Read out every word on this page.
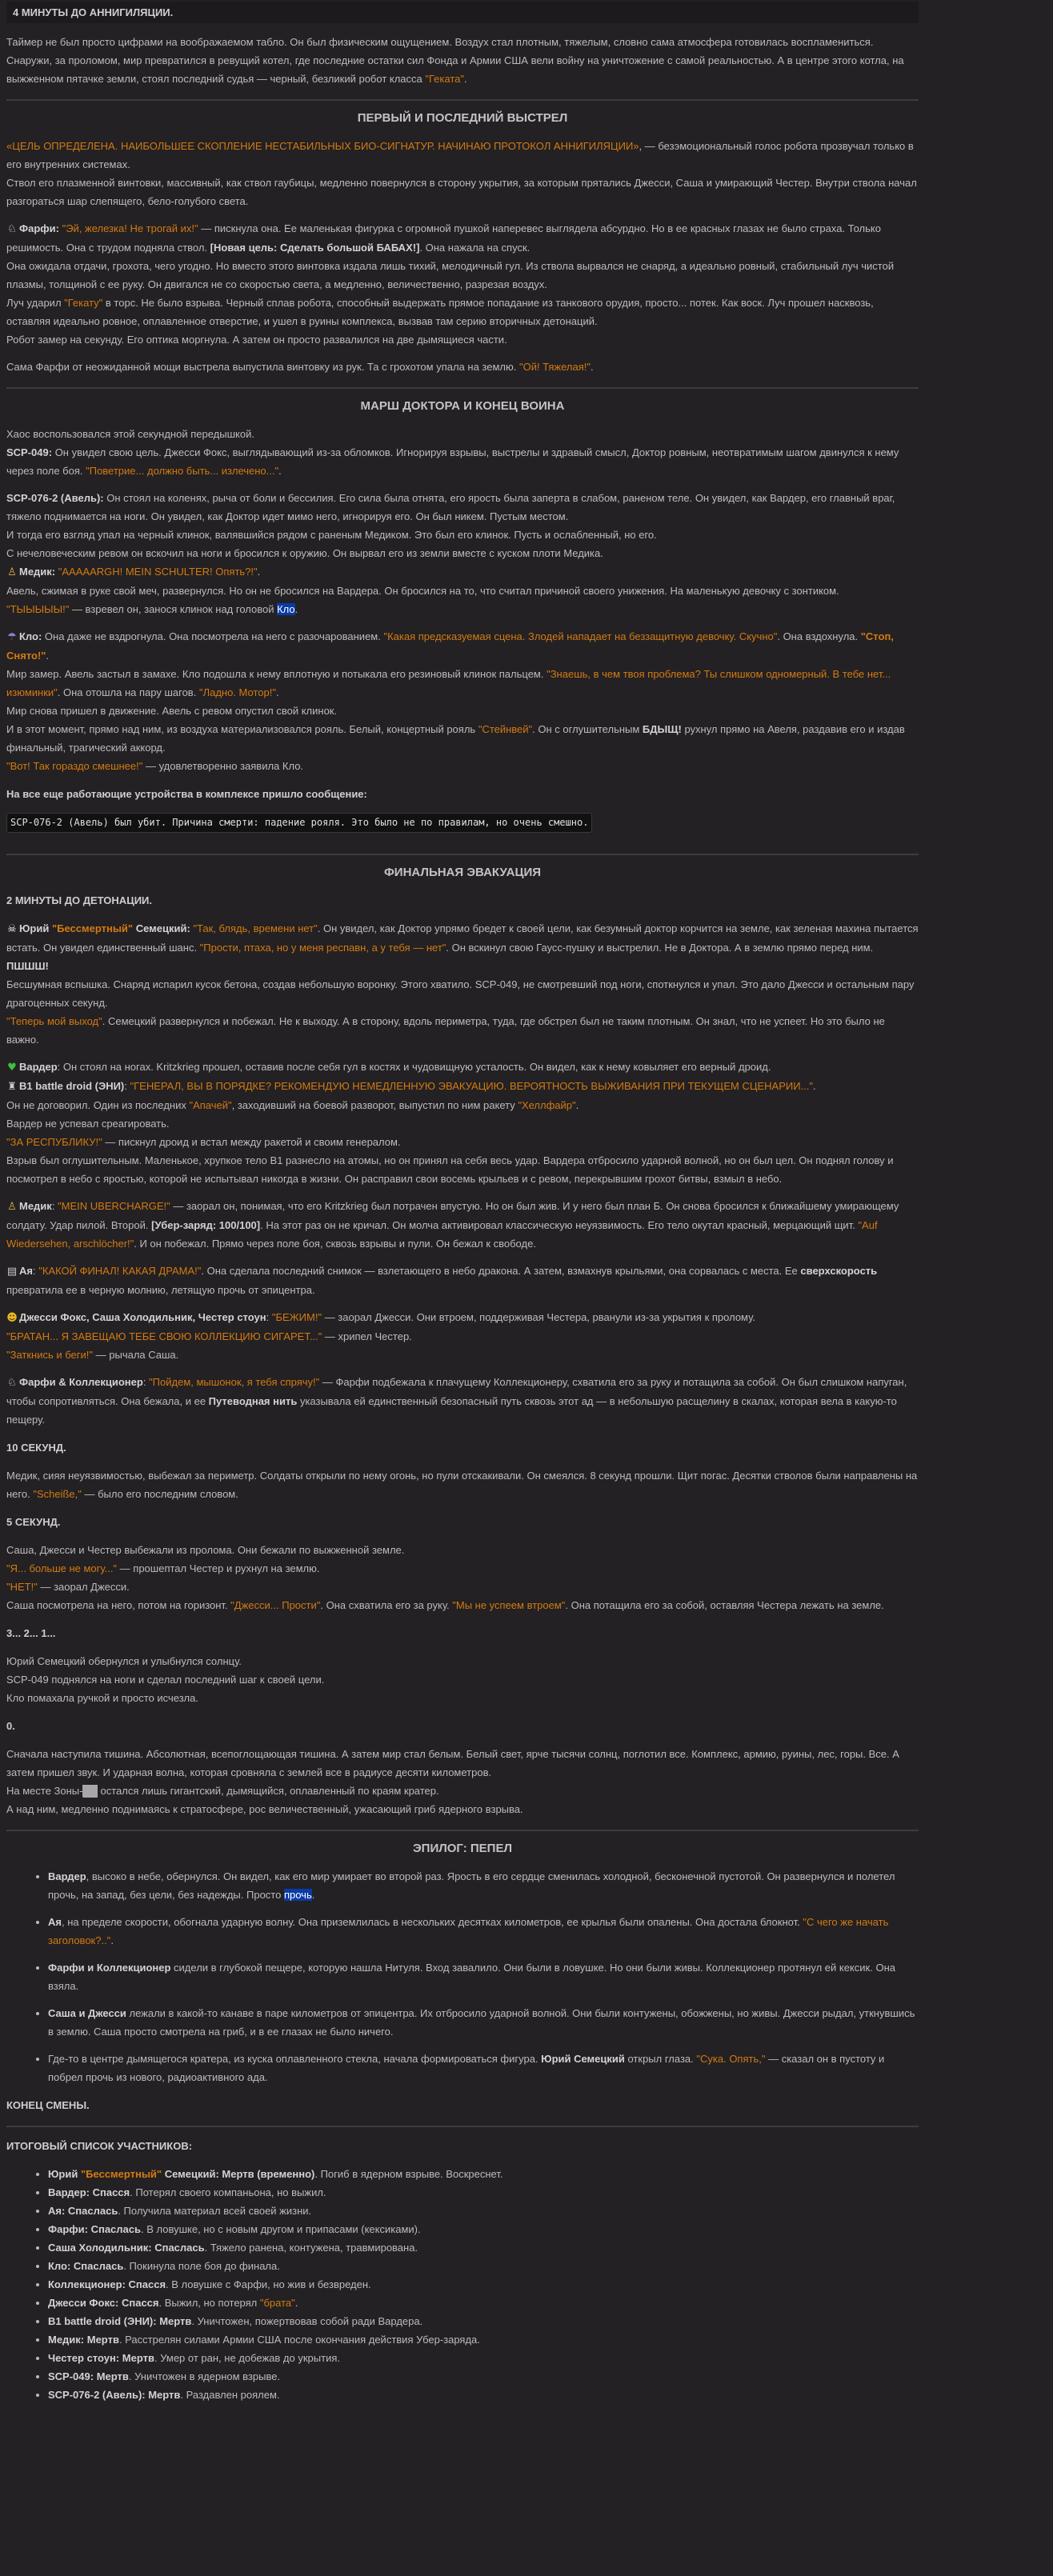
4 МИНУТЫ ДО АННИГИЛЯЦИИ.
Таймер не был просто цифрами на воображаемом табло. Он был физическим ощущением. Воздух стал плотным, тяжелым, словно сама атмосфера готовилась воспламениться. Снаружи, за проломом, мир превратился в ревущий котел, где последние остатки сил Фонда и Армии США вели войну на уничтожение с самой реальностью. А в центре этого котла, на выжженном пятачке земли, стоял последний судья — черный, безликий робот класса "Геката".
ПЕРВЫЙ И ПОСЛЕДНИЙ ВЫСТРЕЛ
«ЦЕЛЬ ОПРЕДЕЛЕНА. НАИБОЛЬШЕЕ СКОПЛЕНИЕ НЕСТАБИЛЬНЫХ БИО-СИГНАТУР. НАЧИНАЮ ПРОТОКОЛ АННИГИЛЯЦИИ», — безэмоциональный голос робота прозвучал только в его внутренних системах.
Ствол его плазменной винтовки, массивный, как ствол гаубицы, медленно повернулся в сторону укрытия, за которым прятались Джесси, Саша и умирающий Честер. Внутри ствола начал разгораться шар слепящего, бело-голубого света.
♘ Фарфи: "Эй, железка! Не трогай их!" — пискнула она. Ее маленькая фигурка с огромной пушкой наперевес выглядела абсурдно. Но в ее красных глазах не было страха. Только решимость. Она с трудом подняла ствол. [Новая цель: Сделать большой БАБАХ!]. Она нажала на спуск.
Она ожидала отдачи, грохота, чего угодно. Но вместо этого винтовка издала лишь тихий, мелодичный гул. Из ствола вырвался не снаряд, а идеально ровный, стабильный луч чистой плазмы, толщиной с ее руку. Он двигался не со скоростью света, а медленно, величественно, разрезая воздух.
Луч ударил "Гекату" в торс. Не было взрыва. Черный сплав робота, способный выдержать прямое попадание из танкового орудия, просто... потек. Как воск. Луч прошел насквозь, оставляя идеально ровное, оплавленное отверстие, и ушел в руины комплекса, вызвав там серию вторичных детонаций.
Робот замер на секунду. Его оптика моргнула. А затем он просто развалился на две дымящиеся части.
Сама Фарфи от неожиданной мощи выстрела выпустила винтовку из рук. Та с грохотом упала на землю. "Ой! Тяжелая!".
МАРШ ДОКТОРА И КОНЕЦ ВОИНА
Хаос воспользовался этой секундной передышкой.
SCP-049: Он увидел свою цель. Джесси Фокс, выглядывающий из-за обломков. Игнорируя взрывы, выстрелы и здравый смысл, Доктор ровным, неотвратимым шагом двинулся к нему через поле боя. "Поветрие... должно быть... излечено...".
SCP-076-2 (Авель): Он стоял на коленях, рыча от боли и бессилия. Его сила была отнята, его ярость была заперта в слабом, раненом теле. Он увидел, как Вардер, его главный враг, тяжело поднимается на ноги. Он увидел, как Доктор идет мимо него, игнорируя его. Он был никем. Пустым местом.
И тогда его взгляд упал на черный клинок, валявшийся рядом с раненым Медиком. Это был его клинок. Пусть и ослабленный, но его.
С нечеловеческим ревом он вскочил на ноги и бросился к оружию. Он вырвал его из земли вместе с куском плоти Медика.
♙ Медик: "AAAAARGH! MEIN SCHULTER! Опять?!".
Авель, сжимая в руке свой меч, развернулся. Но он не бросился на Вардера. Он бросился на то, что считал причиной своего унижения. На маленькую девочку с зонтиком.
"ТЫЫЫЫЫ!" — взревел он, занося клинок над головой Кло.
☂ Кло: Она даже не вздрогнула. Она посмотрела на него с разочарованием. "Какая предсказуемая сцена. Злодей нападает на беззащитную девочку. Скучно". Она вздохнула. "Стоп, Снято!".
Мир замер. Авель застыл в замахе. Кло подошла к нему вплотную и потыкала его резиновый клинок пальцем. "Знаешь, в чем твоя проблема? Ты слишком одномерный. В тебе нет... изюминки". Она отошла на пару шагов. "Ладно. Мотор!".
Мир снова пришел в движение. Авель с ревом опустил свой клинок.
И в этот момент, прямо над ним, из воздуха материализовался рояль. Белый, концертный рояль "Стейнвей". Он с оглушительным БДЫЩ! рухнул прямо на Авеля, раздавив его и издав финальный, трагический аккорд.
"Вот! Так гораздо смешнее!" — удовлетворенно заявила Кло.
На все еще работающие устройства в комплексе пришло сообщение:
SCP-076-2 (Авель) был убит. Причина смерти: падение рояля. Это было не по правилам, но очень смешно.
ФИНАЛЬНАЯ ЭВАКУАЦИЯ
2 МИНУТЫ ДО ДЕТОНАЦИИ.
☠ Юрий "Бессмертный" Семецкий: "Так, блядь, времени нет". Он увидел, как Доктор упрямо бредет к своей цели, как безумный доктор корчится на земле, как зеленая махина пытается встать. Он увидел единственный шанс. "Прости, птаха, но у меня респавн, а у тебя — нет". Он вскинул свою Гаусс-пушку и выстрелил. Не в Доктора. А в землю прямо перед ним.
ПШШШ!
Бесшумная вспышка. Снаряд испарил кусок бетона, создав небольшую воронку. Этого хватило. SCP-049, не смотревший под ноги, споткнулся и упал. Это дало Джесси и остальным пару драгоценных секунд.
"Теперь мой выход". Семецкий развернулся и побежал. Не к выходу. А в сторону, вдоль периметра, туда, где обстрел был не таким плотным. Он знал, что не успеет. Но это было не важно.
♥ Вардер: Он стоял на ногах. Kritzkrieg прошел, оставив после себя гул в костях и чудовищную усталость. Он видел, как к нему ковыляет его верный дроид.
♜ B1 battle droid (ЭНИ): "ГЕНЕРАЛ, ВЫ В ПОРЯДКЕ? РЕКОМЕНДУЮ НЕМЕДЛЕННУЮ ЭВАКУАЦИЮ. ВЕРОЯТНОСТЬ ВЫЖИВАНИЯ ПРИ ТЕКУЩЕМ СЦЕНАРИИ...".
Он не договорил. Один из последних "Апачей", заходивший на боевой разворот, выпустил по ним ракету "Хеллфайр".
Вардер не успевал среагировать.
"ЗА РЕСПУБЛИКУ!" — пискнул дроид и встал между ракетой и своим генералом.
Взрыв был оглушительным. Маленькое, хрупкое тело B1 разнесло на атомы, но он принял на себя весь удар. Вардера отбросило ударной волной, но он был цел. Он поднял голову и посмотрел в небо с яростью, которой не испытывал никогда в жизни. Он расправил свои восемь крыльев и с ревом, перекрывшим грохот битвы, взмыл в небо.
♙ Медик: "MEIN UBERCHARGE!" — заорал он, понимая, что его Kritzkrieg был потрачен впустую. Но он был жив. И у него был план Б. Он снова бросился к ближайшему умирающему солдату. Удар пилой. Второй. [Убер-заряд: 100/100]. На этот раз он не кричал. Он молча активировал классическую неуязвимость. Его тело окутал красный, мерцающий щит. "Auf Wiedersehen, arschlöcher!". И он побежал. Прямо через поле боя, сквозь взрывы и пули. Он бежал к свободе.
▤ Ая: "КАКОЙ ФИНАЛ! КАКАЯ ДРАМА!". Она сделала последний снимок — взлетающего в небо дракона. А затем, взмахнув крыльями, она сорвалась с места. Ее сверхскорость превратила ее в черную молнию, летящую прочь от эпицентра.
☻ Джесси Фокс, Саша Холодильник, Честер стоун: "БЕЖИМ!" — заорал Джесси. Они втроем, поддерживая Честера, рванули из-за укрытия к пролому.
"БРАТАН... Я ЗАВЕЩАЮ ТЕБЕ СВОЮ КОЛЛЕКЦИЮ СИГАРЕТ..." — хрипел Честер.
"Заткнись и беги!" — рычала Саша.
♘ Фарфи & Коллекционер: "Пойдем, мышонок, я тебя спрячу!" — Фарфи подбежала к плачущему Коллекционеру, схватила его за руку и потащила за собой. Он был слишком напуган, чтобы сопротивляться. Она бежала, и ее Путеводная нить указывала ей единственный безопасный путь сквозь этот ад — в небольшую расщелину в скалах, которая вела в какую-то пещеру.
10 СЕКУНД.
Медик, сияя неуязвимостью, выбежал за периметр. Солдаты открыли по нему огонь, но пули отскакивали. Он смеялся. 8 секунд прошли. Щит погас. Десятки стволов были направлены на него. "Scheiße," — было его последним словом.
5 СЕКУНД.
Саша, Джесси и Честер выбежали из пролома. Они бежали по выжженной земле.
"Я... больше не могу..." — прошептал Честер и рухнул на землю.
"НЕТ!" — заорал Джесси.
Саша посмотрела на него, потом на горизонт. "Джесси... Прости". Она схватила его за руку. "Мы не успеем втроем". Она потащила его за собой, оставляя Честера лежать на земле.
3... 2... 1...
Юрий Семецкий обернулся и улыбнулся солнцу.
SCP-049 поднялся на ноги и сделал последний шаг к своей цели.
Кло помахала ручкой и просто исчезла.
0.
Сначала наступила тишина. Абсолютная, всепоглощающая тишина. А затем мир стал белым. Белый свет, ярче тысячи солнц, поглотил все. Комплекс, армию, руины, лес, горы. Все. А затем пришел звук. И ударная волна, которая сровняла с землей все в радиусе десяти километров.
На месте Зоны-██ остался лишь гигантский, дымящийся, оплавленный по краям кратер.
А над ним, медленно поднимаясь к стратосфере, рос величественный, ужасающий гриб ядерного взрыва.
ЭПИЛОГ: ПЕПЕЛ
• Вардер, высоко в небе, обернулся. Он видел, как его мир умирает во второй раз. Ярость в его сердце сменилась холодной, бесконечной пустотой. Он развернулся и полетел прочь, на запад, без цели, без надежды. Просто прочь.
• Ая, на пределе скорости, обогнала ударную волну. Она приземлилась в нескольких десятках километров, ее крылья были опалены. Она достала блокнот. "С чего же начать заголовок?..".
• Фарфи и Коллекционер сидели в глубокой пещере, которую нашла Нитуля. Вход завалило. Они были в ловушке. Но они были живы. Коллекционер протянул ей кексик. Она взяла.
• Саша и Джесси лежали в какой-то канаве в паре километров от эпицентра. Их отбросило ударной волной. Они были контужены, обожжены, но живы. Джесси рыдал, уткнувшись в землю. Саша просто смотрела на гриб, и в ее глазах не было ничего.
• Где-то в центре дымящегося кратера, из куска оплавленного стекла, начала формироваться фигура. Юрий Семецкий открыл глаза. "Сука. Опять," — сказал он в пустоту и побрел прочь из нового, радиоактивного ада.
КОНЕЦ СМЕНЫ.
ИТОГОВЫЙ СПИСОК УЧАСТНИКОВ:
• Юрий "Бессмертный" Семецкий: Мертв (временно). Погиб в ядерном взрыве. Воскреснет.
• Вардер: Спасся. Потерял своего компаньона, но выжил.
• Ая: Спаслась. Получила материал всей своей жизни.
• Фарфи: Спаслась. В ловушке, но с новым другом и припасами (кексиками).
• Саша Холодильник: Спаслась. Тяжело ранена, контужена, травмирована.
• Кло: Спаслась. Покинула поле боя до финала.
• Коллекционер: Спасся. В ловушке с Фарфи, но жив и безвреден.
• Джесси Фокс: Спасся. Выжил, но потерял "брата".
• B1 battle droid (ЭНИ): Мертв. Уничтожен, пожертвовав собой ради Вардера.
• Медик: Мертв. Расстрелян силами Армии США после окончания действия Убер-заряда.
• Честер стоун: Мертв. Умер от ран, не добежав до укрытия.
• SCP-049: Мертв. Уничтожен в ядерном взрыве.
• SCP-076-2 (Авель): Мертв. Раздавлен роялем.
